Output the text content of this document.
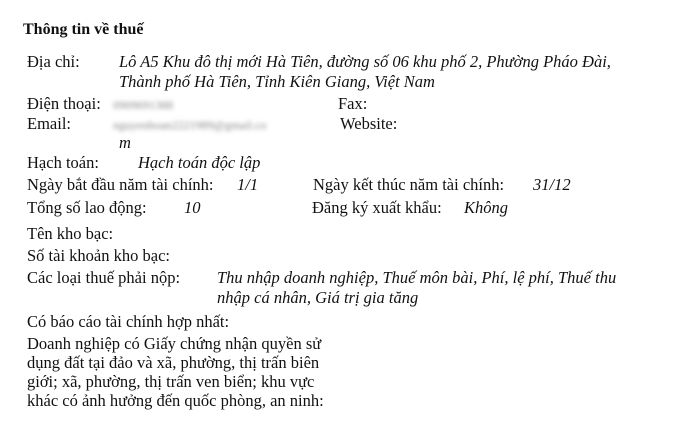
Thông tin về thuế
Địa chỉ: Lô A5 Khu đô thị mới Hà Tiên, đường số 06 khu phố 2, Phường Pháo Đài,
Thành phố Hà Tiên, Tỉnh Kiên Giang, Việt Nam
Điện thoại: 0909691388	Fax:
Email:	nguyenhoan2221989@gmail.co	Website:
m
Hạch toán: Hạch toán độc lập
Ngày bắt đầu năm tài chính: 1/1	Ngày kết thúc năm tài chính: 31/12
Tổng số lao động: 10	Đăng ký xuất khẩu: Không
Tên kho bạc:
Số tài khoản kho bạc:
Các loại thuế phải nộp: Thu nhập doanh nghiệp, Thuế môn bài, Phí, lệ phí, Thuế thu
nhập cá nhân, Giá trị gia tăng
Có báo cáo tài chính hợp nhất:
Doanh nghiệp có Giấy chứng nhận quyền sử
dụng đất tại đảo và xã, phường, thị trấn biên
giới; xã, phường, thị trấn ven biển; khu vực
khác có ảnh hưởng đến quốc phòng, an ninh:
